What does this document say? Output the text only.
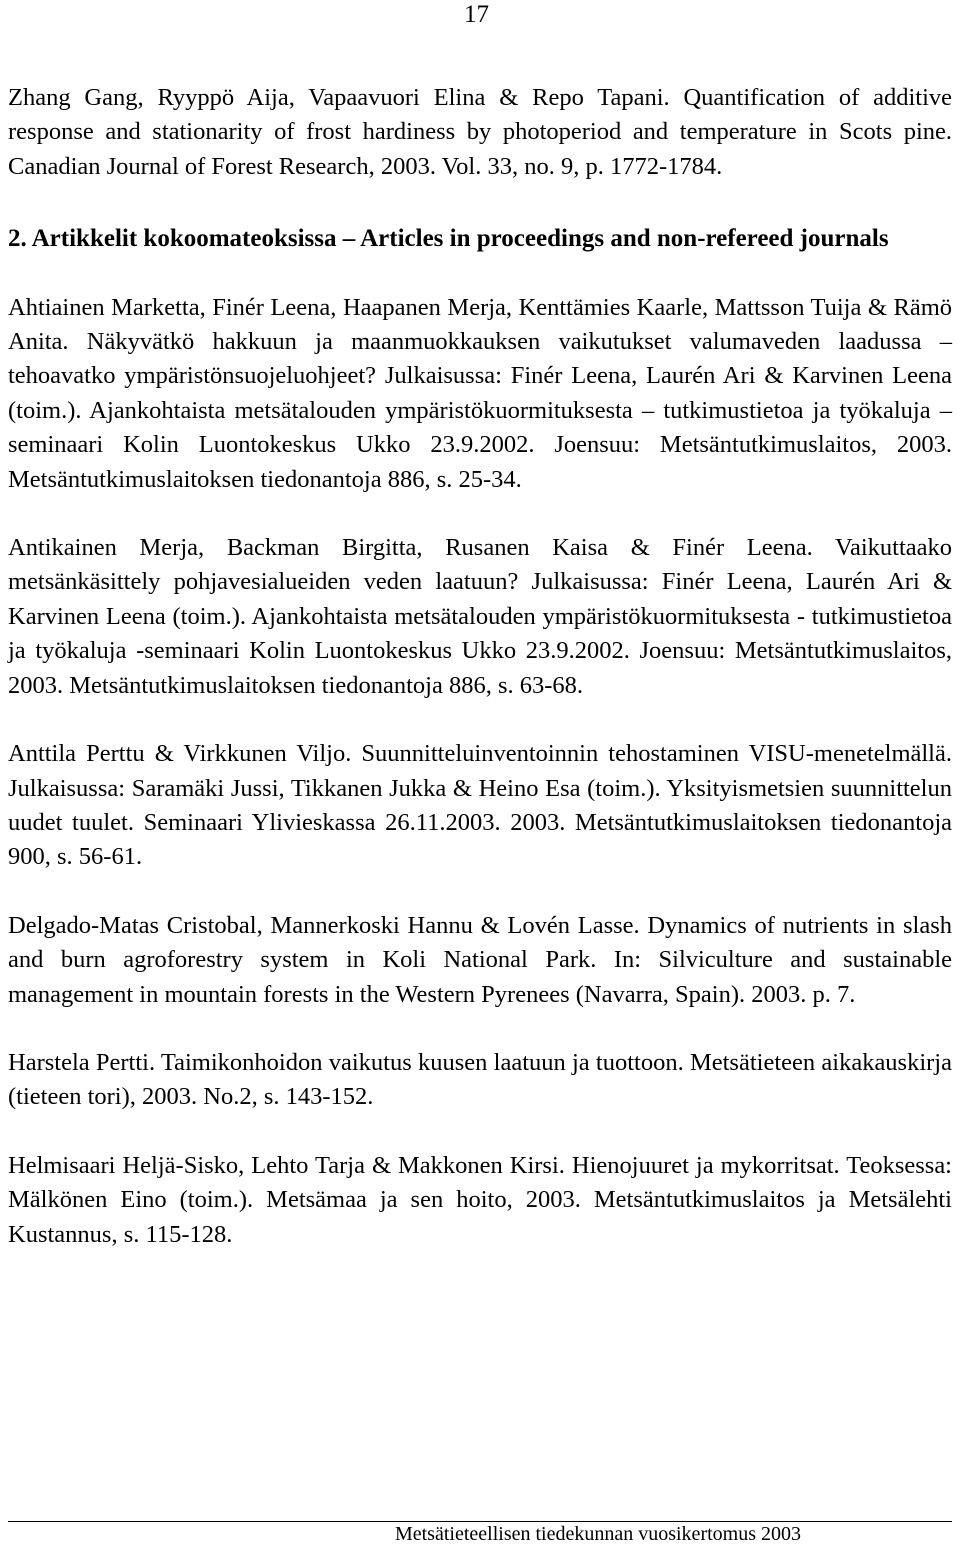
17

Zhang Gang, Ryyppö Aija, Vapaavuori Elina & Repo Tapani. Quantification of additive response and stationarity of frost hardiness by photoperiod and temperature in Scots pine. Canadian Journal of Forest Research, 2003. Vol. 33, no. 9, p. 1772-1784.

2. Artikkelit kokoomateoksissa – Articles in proceedings and non-refereed journals

Ahtiainen Marketta, Finér Leena, Haapanen Merja, Kenttämies Kaarle, Mattsson Tuija & Rämö Anita. Näkyvätkö hakkuun ja maanmuokkauksen vaikutukset valumaveden laadussa – tehoavatko ympäristönsuojeluohjeet? Julkaisussa: Finér Leena, Laurén Ari & Karvinen Leena (toim.). Ajankohtaista metsätalouden ympäristökuormituksesta – tutkimustietoa ja työkaluja – seminaari Kolin Luontokeskus Ukko 23.9.2002. Joensuu: Metsäntutkimuslaitos, 2003. Metsäntutkimuslaitoksen tiedonantoja 886, s. 25-34.

Antikainen Merja, Backman Birgitta, Rusanen Kaisa & Finér Leena. Vaikuttaako metsänkäsittely pohjavesialueiden veden laatuun? Julkaisussa: Finér Leena, Laurén Ari & Karvinen Leena (toim.). Ajankohtaista metsätalouden ympäristökuormituksesta - tutkimustietoa ja työkaluja -seminaari Kolin Luontokeskus Ukko 23.9.2002. Joensuu: Metsäntutkimuslaitos, 2003. Metsäntutkimuslaitoksen tiedonantoja 886, s. 63-68.

Anttila Perttu & Virkkunen Viljo. Suunnitteluinventoinnin tehostaminen VISU-menetelmällä. Julkaisussa: Saramäki Jussi, Tikkanen Jukka & Heino Esa (toim.). Yksityismetsien suunnittelun uudet tuulet. Seminaari Ylivieskassa 26.11.2003. 2003. Metsäntutkimuslaitoksen tiedonantoja 900, s. 56-61.

Delgado-Matas Cristobal, Mannerkoski Hannu & Lovén Lasse. Dynamics of nutrients in slash and burn agroforestry system in Koli National Park. In: Silviculture and sustainable management in mountain forests in the Western Pyrenees (Navarra, Spain). 2003. p. 7.

Harstela Pertti. Taimikonhoidon vaikutus kuusen laatuun ja tuottoon. Metsätieteen aikakauskirja (tieteen tori), 2003. No.2, s. 143-152.

Helmisaari Heljä-Sisko, Lehto Tarja & Makkonen Kirsi. Hienojuuret ja mykorritsat. Teoksessa: Mälkönen Eino (toim.). Metsämaa ja sen hoito, 2003. Metsäntutkimuslaitos ja Metsälehti Kustannus, s. 115-128.

Metsätieteellisen tiedekunnan vuosikertomus 2003
